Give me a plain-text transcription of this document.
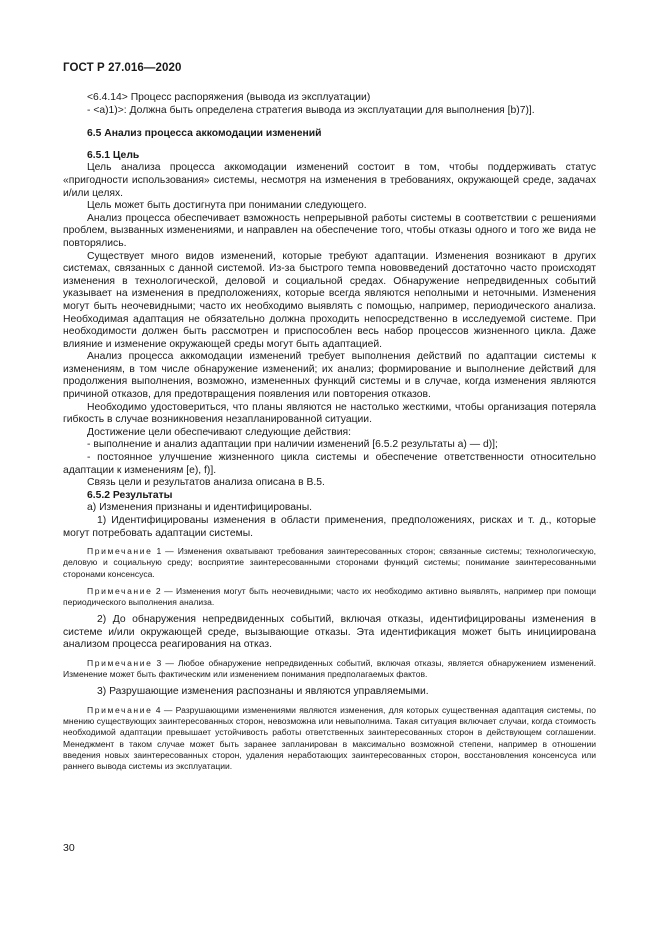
ГОСТ Р 27.016—2020

<6.4.14> Процесс распоряжения (вывода из эксплуатации)

- <a)1)>: Должна быть определена стратегия вывода из эксплуатации для выполнения [b)7)].

6.5 Анализ процесса аккомодации изменений

6.5.1 Цель

Цель анализа процесса аккомодации изменений состоит в том, чтобы поддерживать статус «пригодности использования» системы, несмотря на изменения в требованиях, окружающей среде, задачах и/или целях.

Цель может быть достигнута при понимании следующего.

Анализ процесса обеспечивает взможность непрерывной работы системы в соответствии с решениями проблем, вызванных изменениями, и направлен на обеспечение того, чтобы отказы одного и того же вида не повторялись.

Существует много видов изменений, которые требуют адаптации. Изменения возникают в других системах, связанных с данной системой. Из-за быстрого темпа нововведений достаточно часто происходят изменения в технологической, деловой и социальной средах. Обнаружение непредвиденных событий указывает на изменения в предположениях, которые всегда являются неполными и неточными. Изменения могут быть неочевидными; часто их необходимо выявлять с помощью, например, периодического анализа. Необходимая адаптация не обязательно должна проходить непосредственно в исследуемой системе. При необходимости должен быть рассмотрен и приспособлен весь набор процессов жизненного цикла. Даже влияние и изменение окружающей среды могут быть адаптацией.

Анализ процесса аккомодации изменений требует выполнения действий по адаптации системы к изменениям, в том числе обнаружение изменений; их анализ; формирование и выполнение действий для продолжения выполнения, возможно, измененных функций системы и в случае, когда изменения являются причиной отказов, для предотвращения появления или повторения отказов.

Необходимо удостовериться, что планы являются не настолько жесткими, чтобы организация потеряла гибкость в случае возникновения незапланированной ситуации.

Достижение цели обеспечивают следующие действия:

- выполнение и анализ адаптации при наличии изменений [6.5.2 результаты а) — d)];

- постоянное улучшение жизненного цикла системы и обеспечение ответственности относительно адаптации к изменениям [e), f)].

Связь цели и результатов анализа описана в В.5.

6.5.2 Результаты

а) Изменения признаны и идентифицированы.

1) Идентифицированы изменения в области применения, предположениях, рисках и т. д., которые могут потребовать адаптации системы.

Примечание 1 — Изменения охватывают требования заинтересованных сторон; связанные системы; технологическую, деловую и социальную среду; восприятие заинтересованными сторонами функций системы; понимание заинтересованными сторонами консенсуса.

Примечание 2 — Изменения могут быть неочевидными; часто их необходимо активно выявлять, например при помощи периодического выполнения анализа.

2) До обнаружения непредвиденных событий, включая отказы, идентифицированы изменения в системе и/или окружающей среде, вызывающие отказы. Эта идентификация может быть инициирована анализом процесса реагирования на отказ.

Примечание 3 — Любое обнаружение непредвиденных событий, включая отказы, является обнаружением изменений. Изменение может быть фактическим или изменением понимания предполагаемых фактов.

3) Разрушающие изменения распознаны и являются управляемыми.

Примечание 4 — Разрушающими изменениями являются изменения, для которых существенная адаптация системы, по мнению существующих заинтересованных сторон, невозможна или невыполнима. Такая ситуация включает случаи, когда стоимость необходимой адаптации превышает устойчивость работы ответственных заинтересованных сторон в действующем соглашении. Менеджмент в таком случае может быть заранее запланирован в максимально возможной степени, например в отношении введения новых заинтересованных сторон, удаления неработающих заинтересованных сторон, восстановления консенсуса или раннего вывода системы из эксплуатации.

30
